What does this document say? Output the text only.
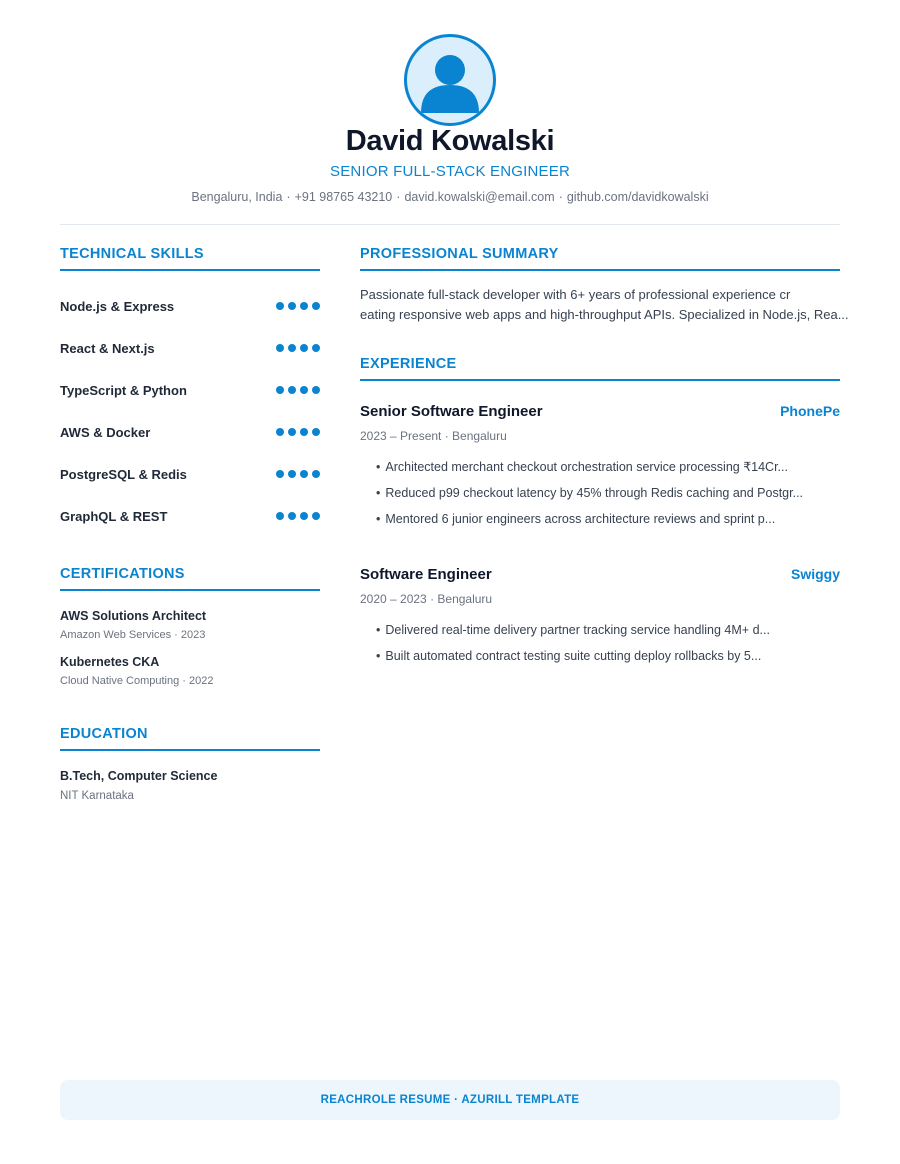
David Kowalski
SENIOR FULL-STACK ENGINEER
Bengaluru, India · +91 98765 43210 · david.kowalski@email.com · github.com/davidkowalski
TECHNICAL SKILLS
Node.js & Express
React & Next.js
TypeScript & Python
AWS & Docker
PostgreSQL & Redis
GraphQL & REST
CERTIFICATIONS
AWS Solutions Architect
Amazon Web Services · 2023
Kubernetes CKA
Cloud Native Computing · 2022
EDUCATION
B.Tech, Computer Science
NIT Karnataka
PROFESSIONAL SUMMARY
Passionate full-stack developer with 6+ years of professional experience cr
eating responsive web apps and high-throughput APIs. Specialized in Node.js, Rea...
EXPERIENCE
Senior Software Engineer	PhonePe
2023 – Present · Bengaluru
• Architected merchant checkout orchestration service processing ₹14Cr...
• Reduced p99 checkout latency by 45% through Redis caching and Postgr...
• Mentored 6 junior engineers across architecture reviews and sprint p...
Software Engineer	Swiggy
2020 – 2023 · Bengaluru
• Delivered real-time delivery partner tracking service handling 4M+ d...
• Built automated contract testing suite cutting deploy rollbacks by 5...
REACHROLE RESUME · AZURILL TEMPLATE
